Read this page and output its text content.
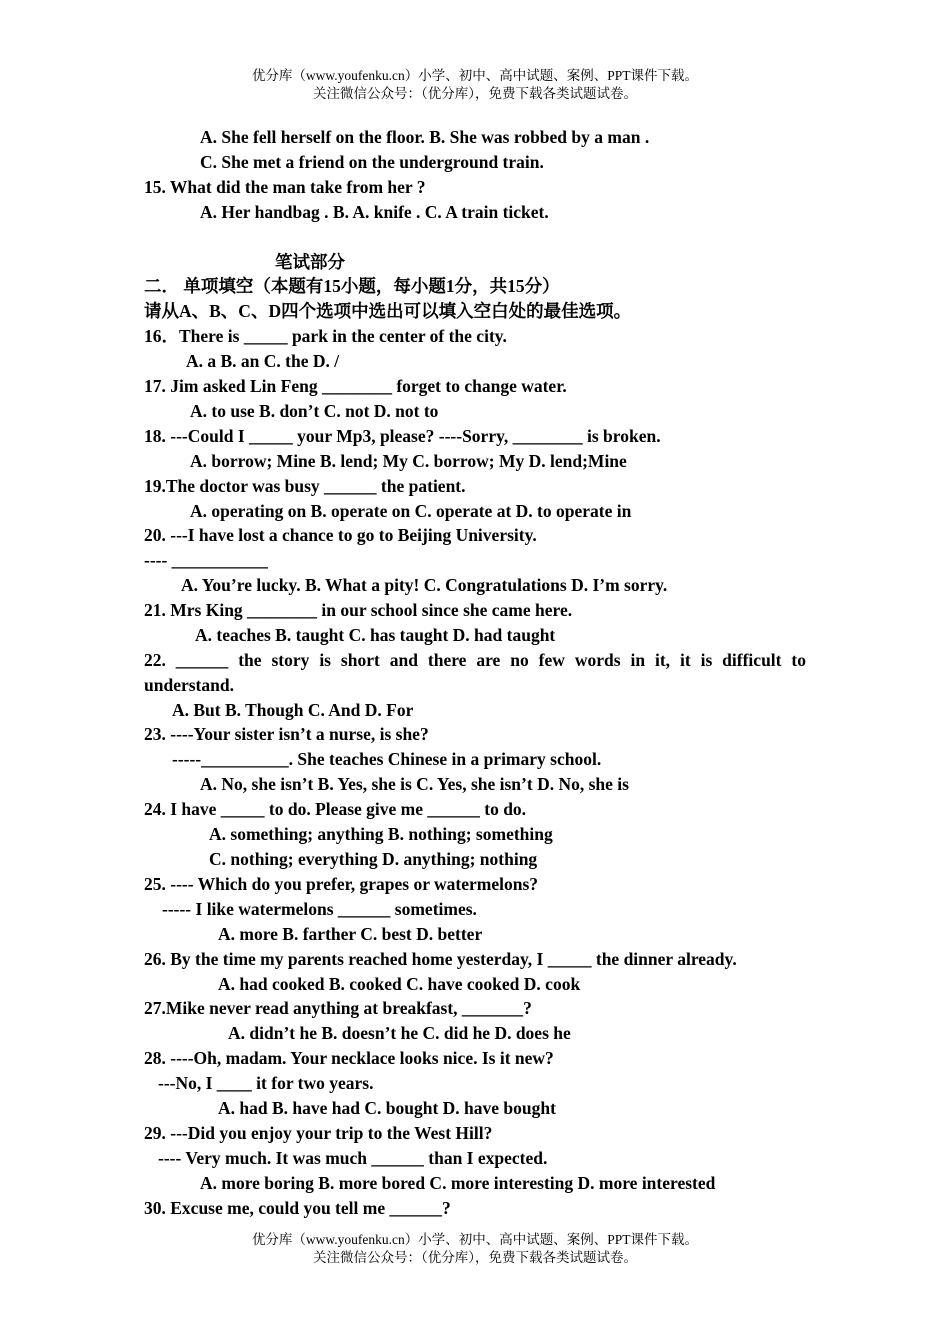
优分库（www.youfenku.cn）小学、初中、高中试题、案例、PPT课件下载。
关注微信公众号：（优分库），免费下载各类试题试卷。
A. She fell herself on the floor. B. She was robbed by a man .
C. She met a friend on the underground train.
15. What did the man take from her ?
A. Her handbag . B. A. knife . C. A train ticket.
笔试部分
二． 单项填空（本题有15小题，每小题1分，共15分）
请从A、B、C、D四个选项中选出可以填入空白处的最佳选项。
16．There is _____ park in the center of the city.
A. a B. an C. the D. /
17. Jim asked Lin Feng ________ forget to change water.
A. to use B. don’t C. not D. not to
18. ---Could I _____ your Mp3, please? ----Sorry, ________ is broken.
A. borrow; Mine B. lend; My C. borrow; My D. lend;Mine
19.The doctor was busy ______ the patient.
A. operating on B. operate on C. operate at D. to operate in
20. ---I have lost a chance to go to Beijing University.
---- ___________
A. You’re lucky. B. What a pity! C. Congratulations D. I’m sorry.
21. Mrs King ________ in our school since she came here.
A. teaches B. taught C. has taught D. had taught
22. ______ the story is short and there are no few words in it, it is difficult to
understand.
A. But B. Though C. And D. For
23. ----Your sister isn’t a nurse, is she?
-----__________. She teaches Chinese in a primary school.
A. No, she isn’t B. Yes, she is C. Yes, she isn’t D. No, she is
24. I have _____ to do. Please give me ______ to do.
A. something; anything B. nothing; something
C. nothing; everything D. anything; nothing
25. ---- Which do you prefer, grapes or watermelons?
----- I like watermelons ______ sometimes.
A. more B. farther C. best D. better
26. By the time my parents reached home yesterday, I _____ the dinner already.
A. had cooked B. cooked C. have cooked D. cook
27.Mike never read anything at breakfast, _______?
A. didn’t he B. doesn’t he C. did he D. does he
28. ----Oh, madam. Your necklace looks nice. Is it new?
---No, I ____ it for two years.
A. had B. have had C. bought D. have bought
29. ---Did you enjoy your trip to the West Hill?
---- Very much. It was much ______ than I expected.
A. more boring B. more bored C. more interesting D. more interested
30. Excuse me, could you tell me ______?
优分库（www.youfenku.cn）小学、初中、高中试题、案例、PPT课件下载。
关注微信公众号：（优分库），免费下载各类试题试卷。
